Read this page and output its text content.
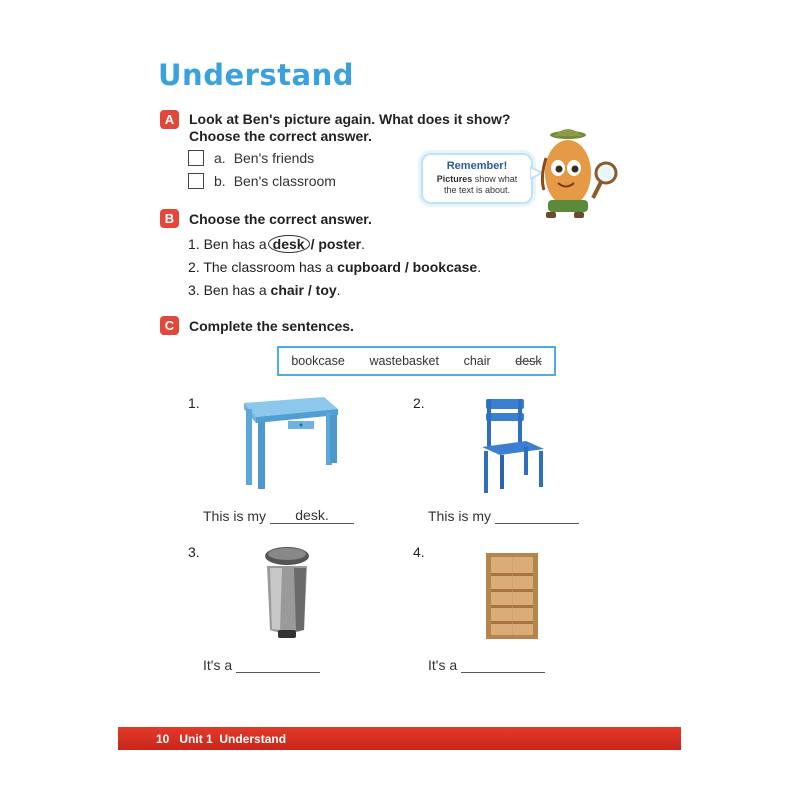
Understand
A	Look at Ben's picture again. What does it show?
Choose the correct answer.
a. Ben's friends
b. Ben's classroom
Remember!
Pictures show what
the text is about.
B	Choose the correct answer.
1. Ben has a desk / poster.
2. The classroom has a cupboard / bookcase.
3. Ben has a chair / toy.
C	Complete the sentences.
bookcase wastebasket chair desk
1.
This is my	desk.
2.
This is my
3.
It's a
4.
It's a
10 Unit 1  Understand
